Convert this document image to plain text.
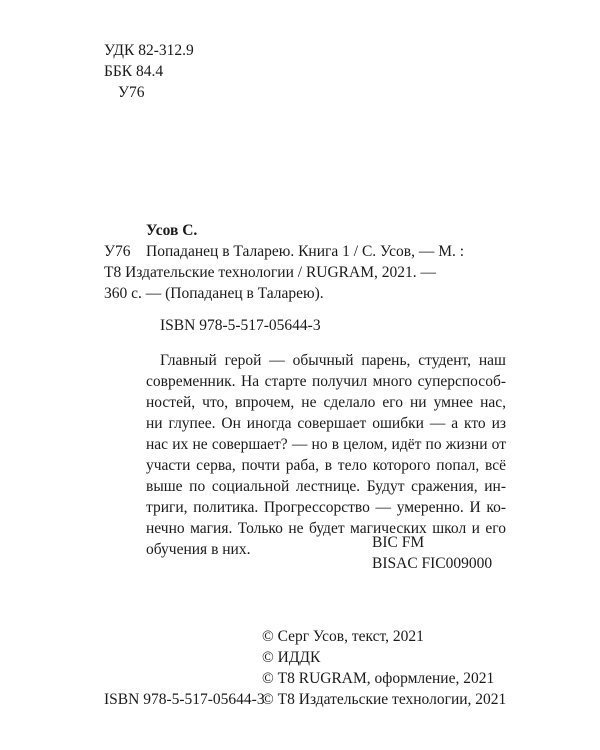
УДК 82-312.9
ББК 84.4
У76
Усов С.
У76 Попаданец в Таларею. Книга 1 / С. Усов, — М. :
Т8 Издательские технологии / RUGRAM, 2021. —
360 с. — (Попаданец в Таларею).
ISBN 978-5-517-05644-3
Главный герой — обычный парень, студент, наш
современник. На старте получил много суперспособ-
ностей, что, впрочем, не сделало его ни умнее нас,
ни глупее. Он иногда совершает ошибки — а кто из
нас их не совершает? — но в целом, идёт по жизни от
участи серва, почти раба, в тело которого попал, всё
выше по социальной лестнице. Будут сражения, ин-
триги, политика. Прогрессорство — умеренно. И ко-
нечно магия. Только не будет магических школ и его
обучения в них.	BIC FM
BISAC FIC009000
© Серг Усов, текст, 2021
© ИДДК
© Т8 RUGRAM, оформление, 2021
© Т8 Издательские технологии, 2021
ISBN 978-5-517-05644-3
